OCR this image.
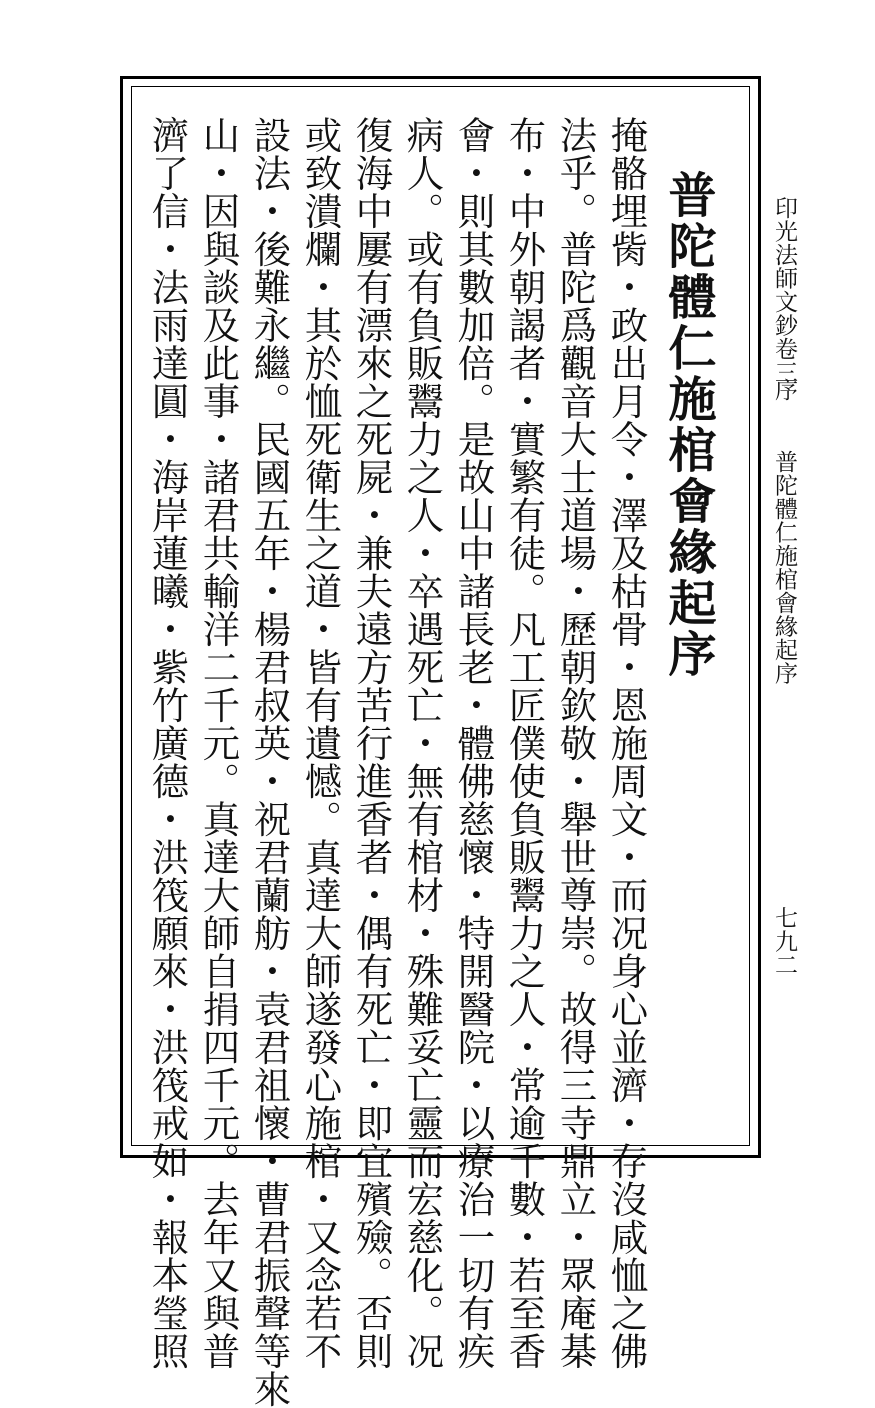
印光法師文鈔卷三
序
普陀體仁施棺會緣起序
七九二
普陀體仁施棺會緣起序
掩骼埋胔・政出月令・澤及枯骨・恩施周文・而况身心並濟・存沒咸恤之佛
法乎。普陀爲觀音大士道場・歷朝欽敬・舉世尊崇。故得三寺鼎立・眾庵棊
布・中外朝謁者・實繁有徒。凡工匠僕使負販鬻力之人・常逾千數・若至香
會・則其數加倍。是故山中諸長老・體佛慈懷・特開醫院・以療治一切有疾
病人。或有負販鬻力之人・卒遇死亡・無有棺材・殊難妥亡靈而宏慈化。况
復海中屢有漂來之死屍・兼夫遠方苦行進香者・偶有死亡・即宜殯殮。否則
或致潰爛・其於恤死衛生之道・皆有遺憾。真達大師遂發心施棺・又念若不
設法・後難永繼。民國五年・楊君叔英・祝君蘭舫・袁君祖懷・曹君振聲等來
山・因與談及此事・諸君共輸洋二千元。真達大師自捐四千元。去年又與普
濟了信・法雨達圓・海岸蓮曦・紫竹廣德・洪筏願來・洪筏戒如・報本瑩照
